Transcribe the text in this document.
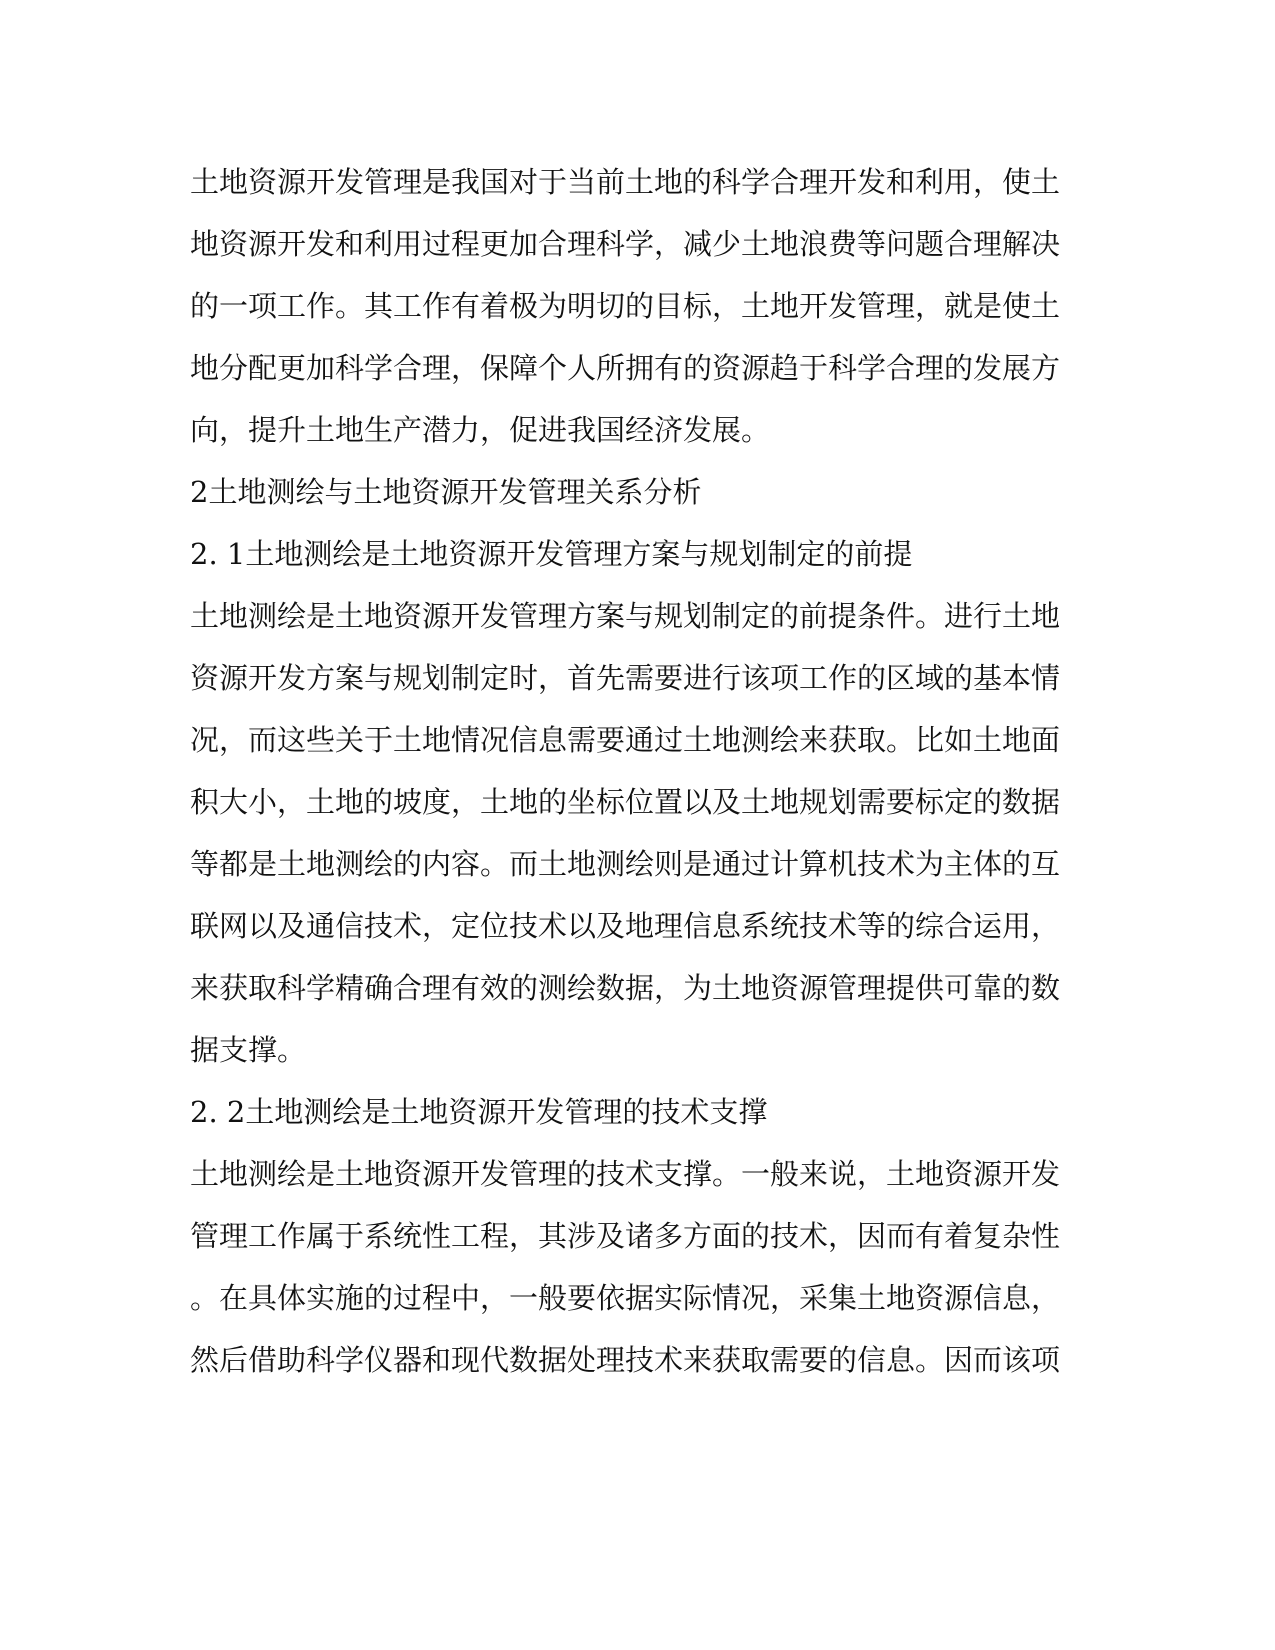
土地资源开发管理是我国对于当前土地的科学合理开发和利用，使土
地资源开发和利用过程更加合理科学，减少土地浪费等问题合理解决
的一项工作。其工作有着极为明切的目标，土地开发管理，就是使土
地分配更加科学合理，保障个人所拥有的资源趋于科学合理的发展方
向，提升土地生产潜力，促进我国经济发展。
2土地测绘与土地资源开发管理关系分析
2. 1土地测绘是土地资源开发管理方案与规划制定的前提
土地测绘是土地资源开发管理方案与规划制定的前提条件。进行土地
资源开发方案与规划制定时，首先需要进行该项工作的区域的基本情
况，而这些关于土地情况信息需要通过土地测绘来获取。比如土地面
积大小，土地的坡度，土地的坐标位置以及土地规划需要标定的数据
等都是土地测绘的内容。而土地测绘则是通过计算机技术为主体的互
联网以及通信技术，定位技术以及地理信息系统技术等的综合运用，
来获取科学精确合理有效的测绘数据，为土地资源管理提供可靠的数
据支撑。
2. 2土地测绘是土地资源开发管理的技术支撑
土地测绘是土地资源开发管理的技术支撑。一般来说，土地资源开发
管理工作属于系统性工程，其涉及诸多方面的技术，因而有着复杂性
。在具体实施的过程中，一般要依据实际情况，采集土地资源信息，
然后借助科学仪器和现代数据处理技术来获取需要的信息。因而该项
